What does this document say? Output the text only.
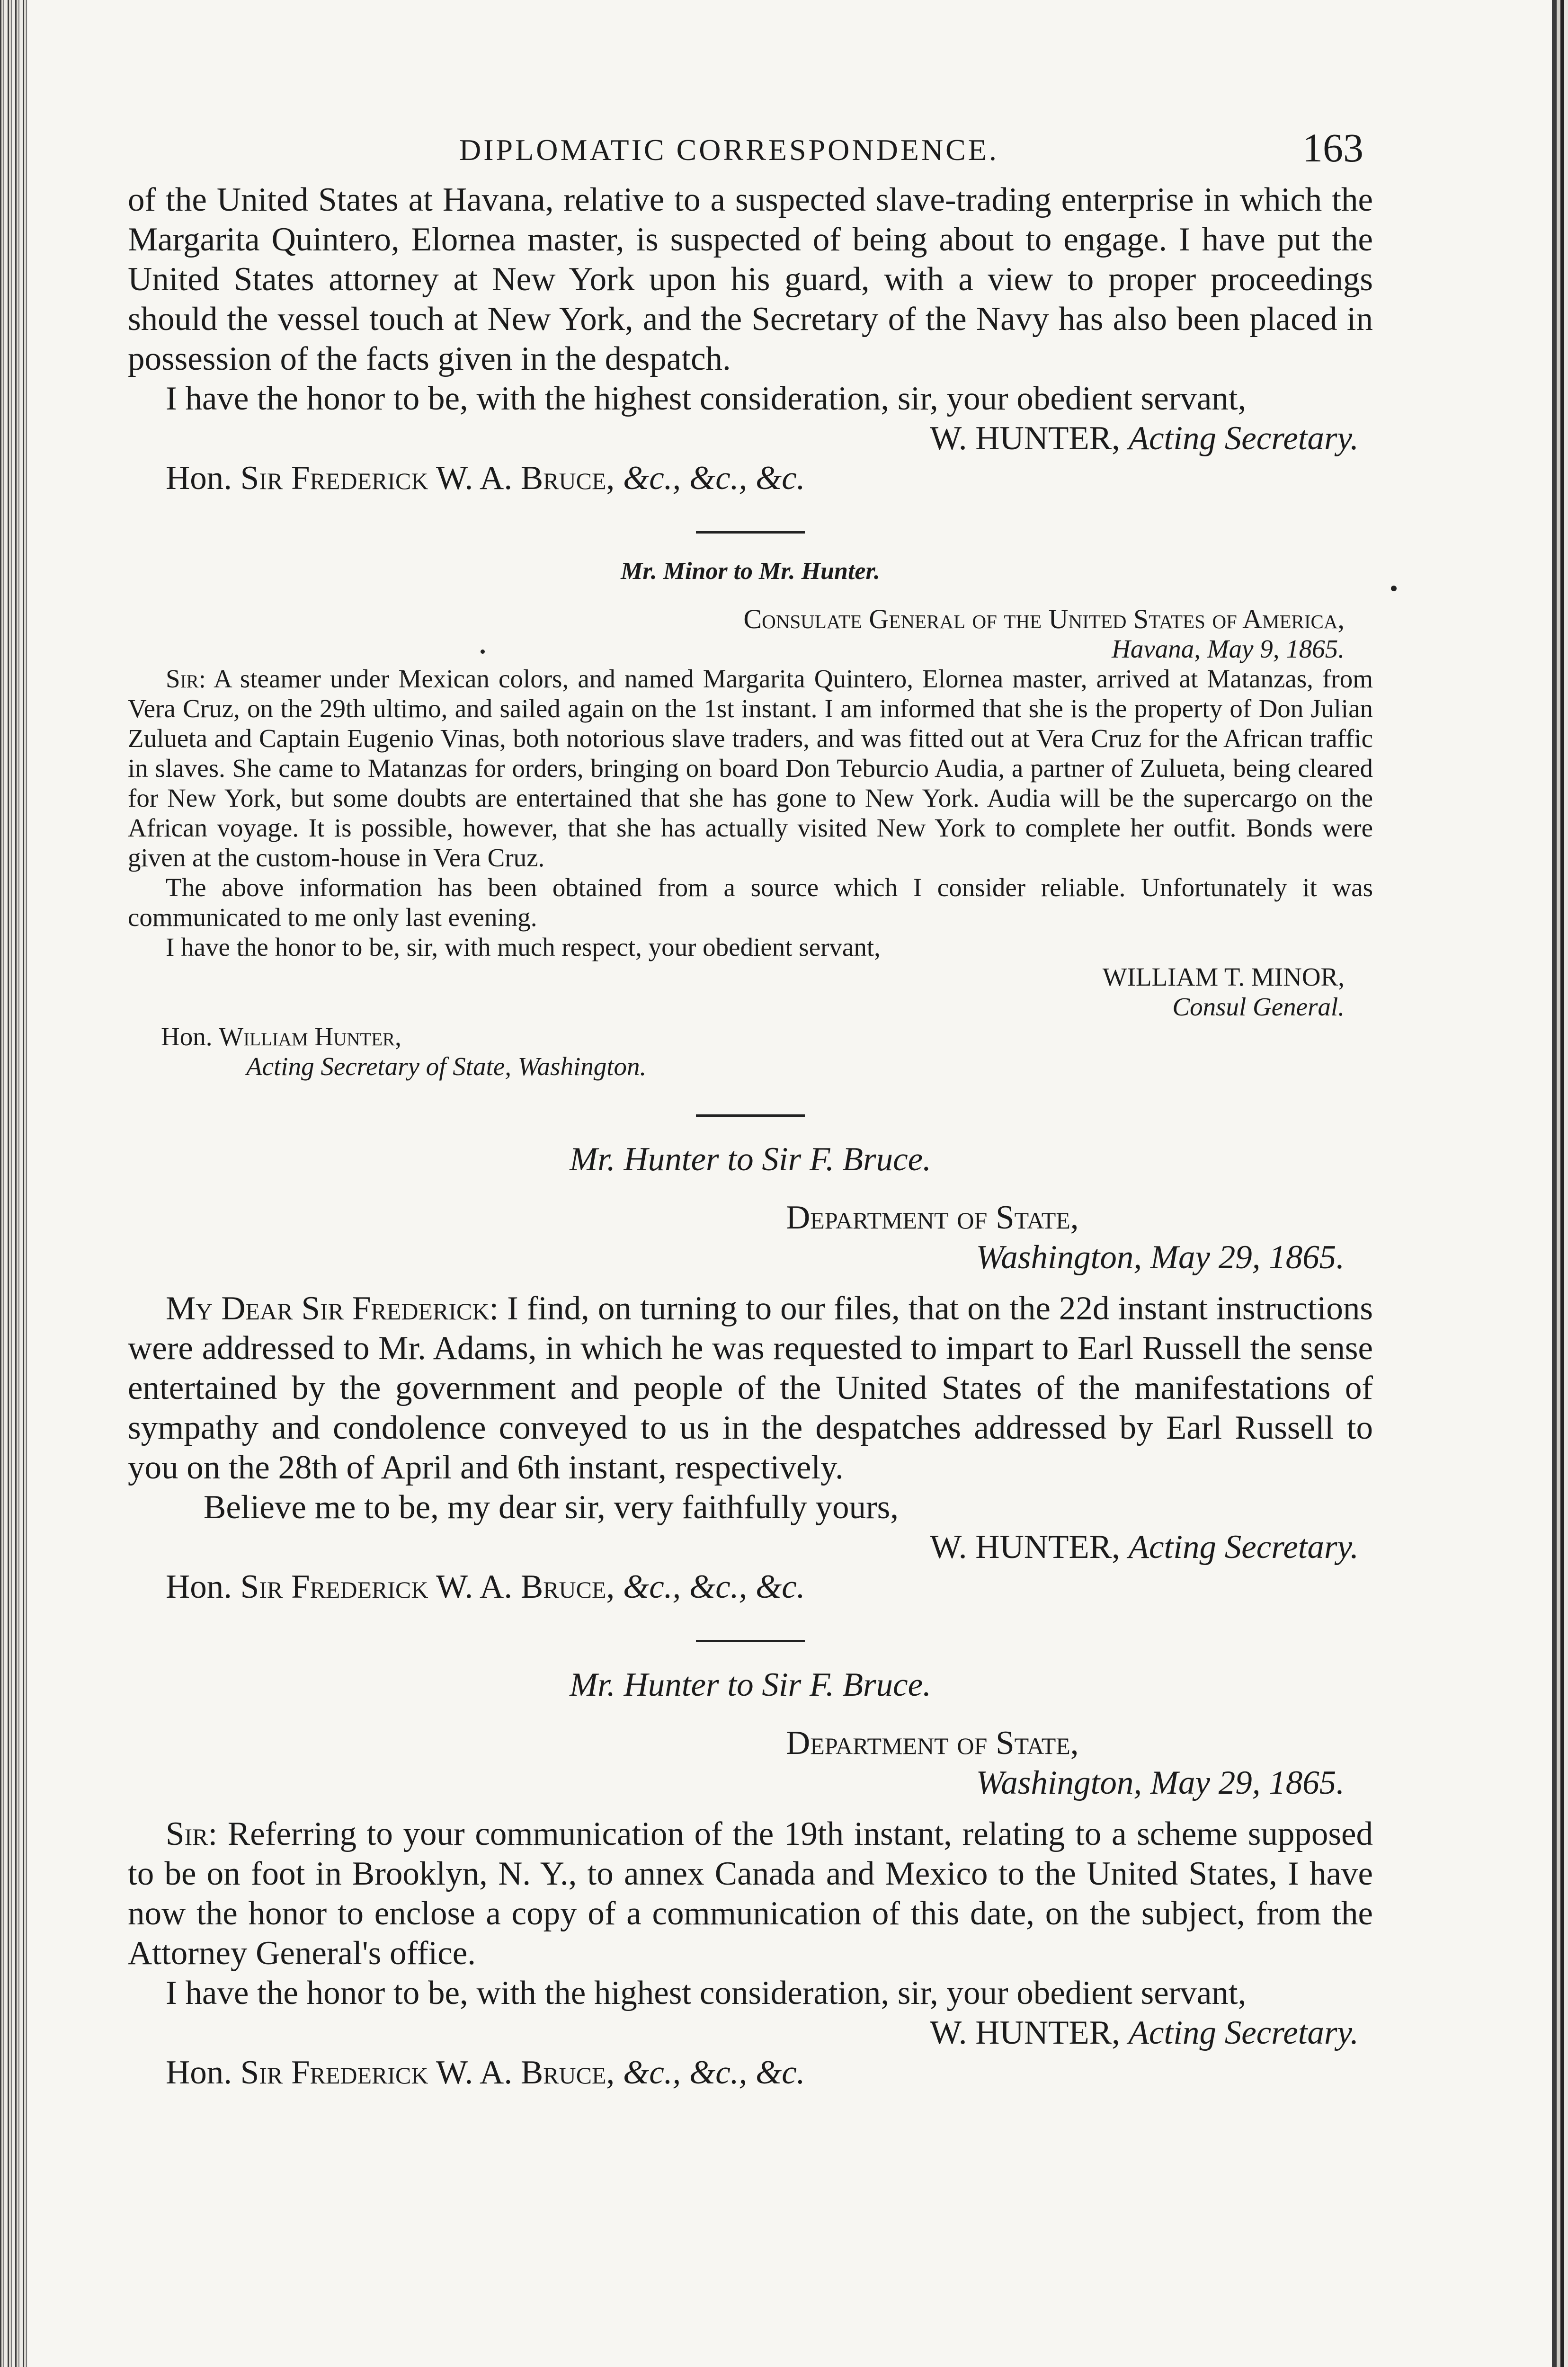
DIPLOMATIC CORRESPONDENCE.	163

of the United States at Havana, relative to a suspected slave-trading enterprise in which the Margarita Quintero, Elornea master, is suspected of being about to engage. I have put the United States attorney at New York upon his guard, with a view to proper proceedings should the vessel touch at New York, and the Secretary of the Navy has also been placed in possession of the facts given in the despatch.

I have the honor to be, with the highest consideration, sir, your obedient servant,

W. HUNTER, Acting Secretary.

Hon. Sir Frederick W. A. Bruce, &c., &c., &c.

Mr. Minor to Mr. Hunter.

Consulate General of the United States of America,

Havana, May 9, 1865.

Sir: A steamer under Mexican colors, and named Margarita Quintero, Elornea master, arrived at Matanzas, from Vera Cruz, on the 29th ultimo, and sailed again on the 1st instant. I am informed that she is the property of Don Julian Zulueta and Captain Eugenio Vinas, both notorious slave traders, and was fitted out at Vera Cruz for the African traffic in slaves. She came to Matanzas for orders, bringing on board Don Teburcio Audia, a partner of Zulueta, being cleared for New York, but some doubts are entertained that she has gone to New York. Audia will be the supercargo on the African voyage. It is possible, however, that she has actually visited New York to complete her outfit. Bonds were given at the custom-house in Vera Cruz.

The above information has been obtained from a source which I consider reliable. Unfortunately it was communicated to me only last evening.

I have the honor to be, sir, with much respect, your obedient servant,

WILLIAM T. MINOR,

Consul General.

Hon. William Hunter,

Acting Secretary of State, Washington.

Mr. Hunter to Sir F. Bruce.

Department of State,

Washington, May 29, 1865.

My Dear Sir Frederick: I find, on turning to our files, that on the 22d instant instructions were addressed to Mr. Adams, in which he was requested to impart to Earl Russell the sense entertained by the government and people of the United States of the manifestations of sympathy and condolence conveyed to us in the despatches addressed by Earl Russell to you on the 28th of April and 6th instant, respectively.

Believe me to be, my dear sir, very faithfully yours,

W. HUNTER, Acting Secretary.

Hon. Sir Frederick W. A. Bruce, &c., &c., &c.

Mr. Hunter to Sir F. Bruce.

Department of State,

Washington, May 29, 1865.

Sir: Referring to your communication of the 19th instant, relating to a scheme supposed to be on foot in Brooklyn, N. Y., to annex Canada and Mexico to the United States, I have now the honor to enclose a copy of a communication of this date, on the subject, from the Attorney General's office.

I have the honor to be, with the highest consideration, sir, your obedient servant,

W. HUNTER, Acting Secretary.

Hon. Sir Frederick W. A. Bruce, &c., &c., &c.
